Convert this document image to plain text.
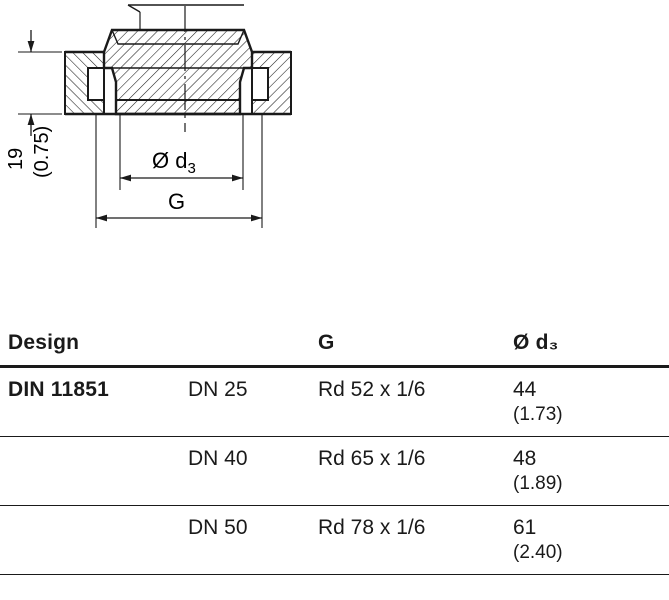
19 (0.75)	Ø $d_3$
G
Design		G	Ø d₃
DIN 11851	DN 25	Rd 52 x 1/6	44
(1.73)

	DN 40	Rd 65 x 1/6	48
(1.89)

	DN 50	Rd 78 x 1/6	61
(2.40)
